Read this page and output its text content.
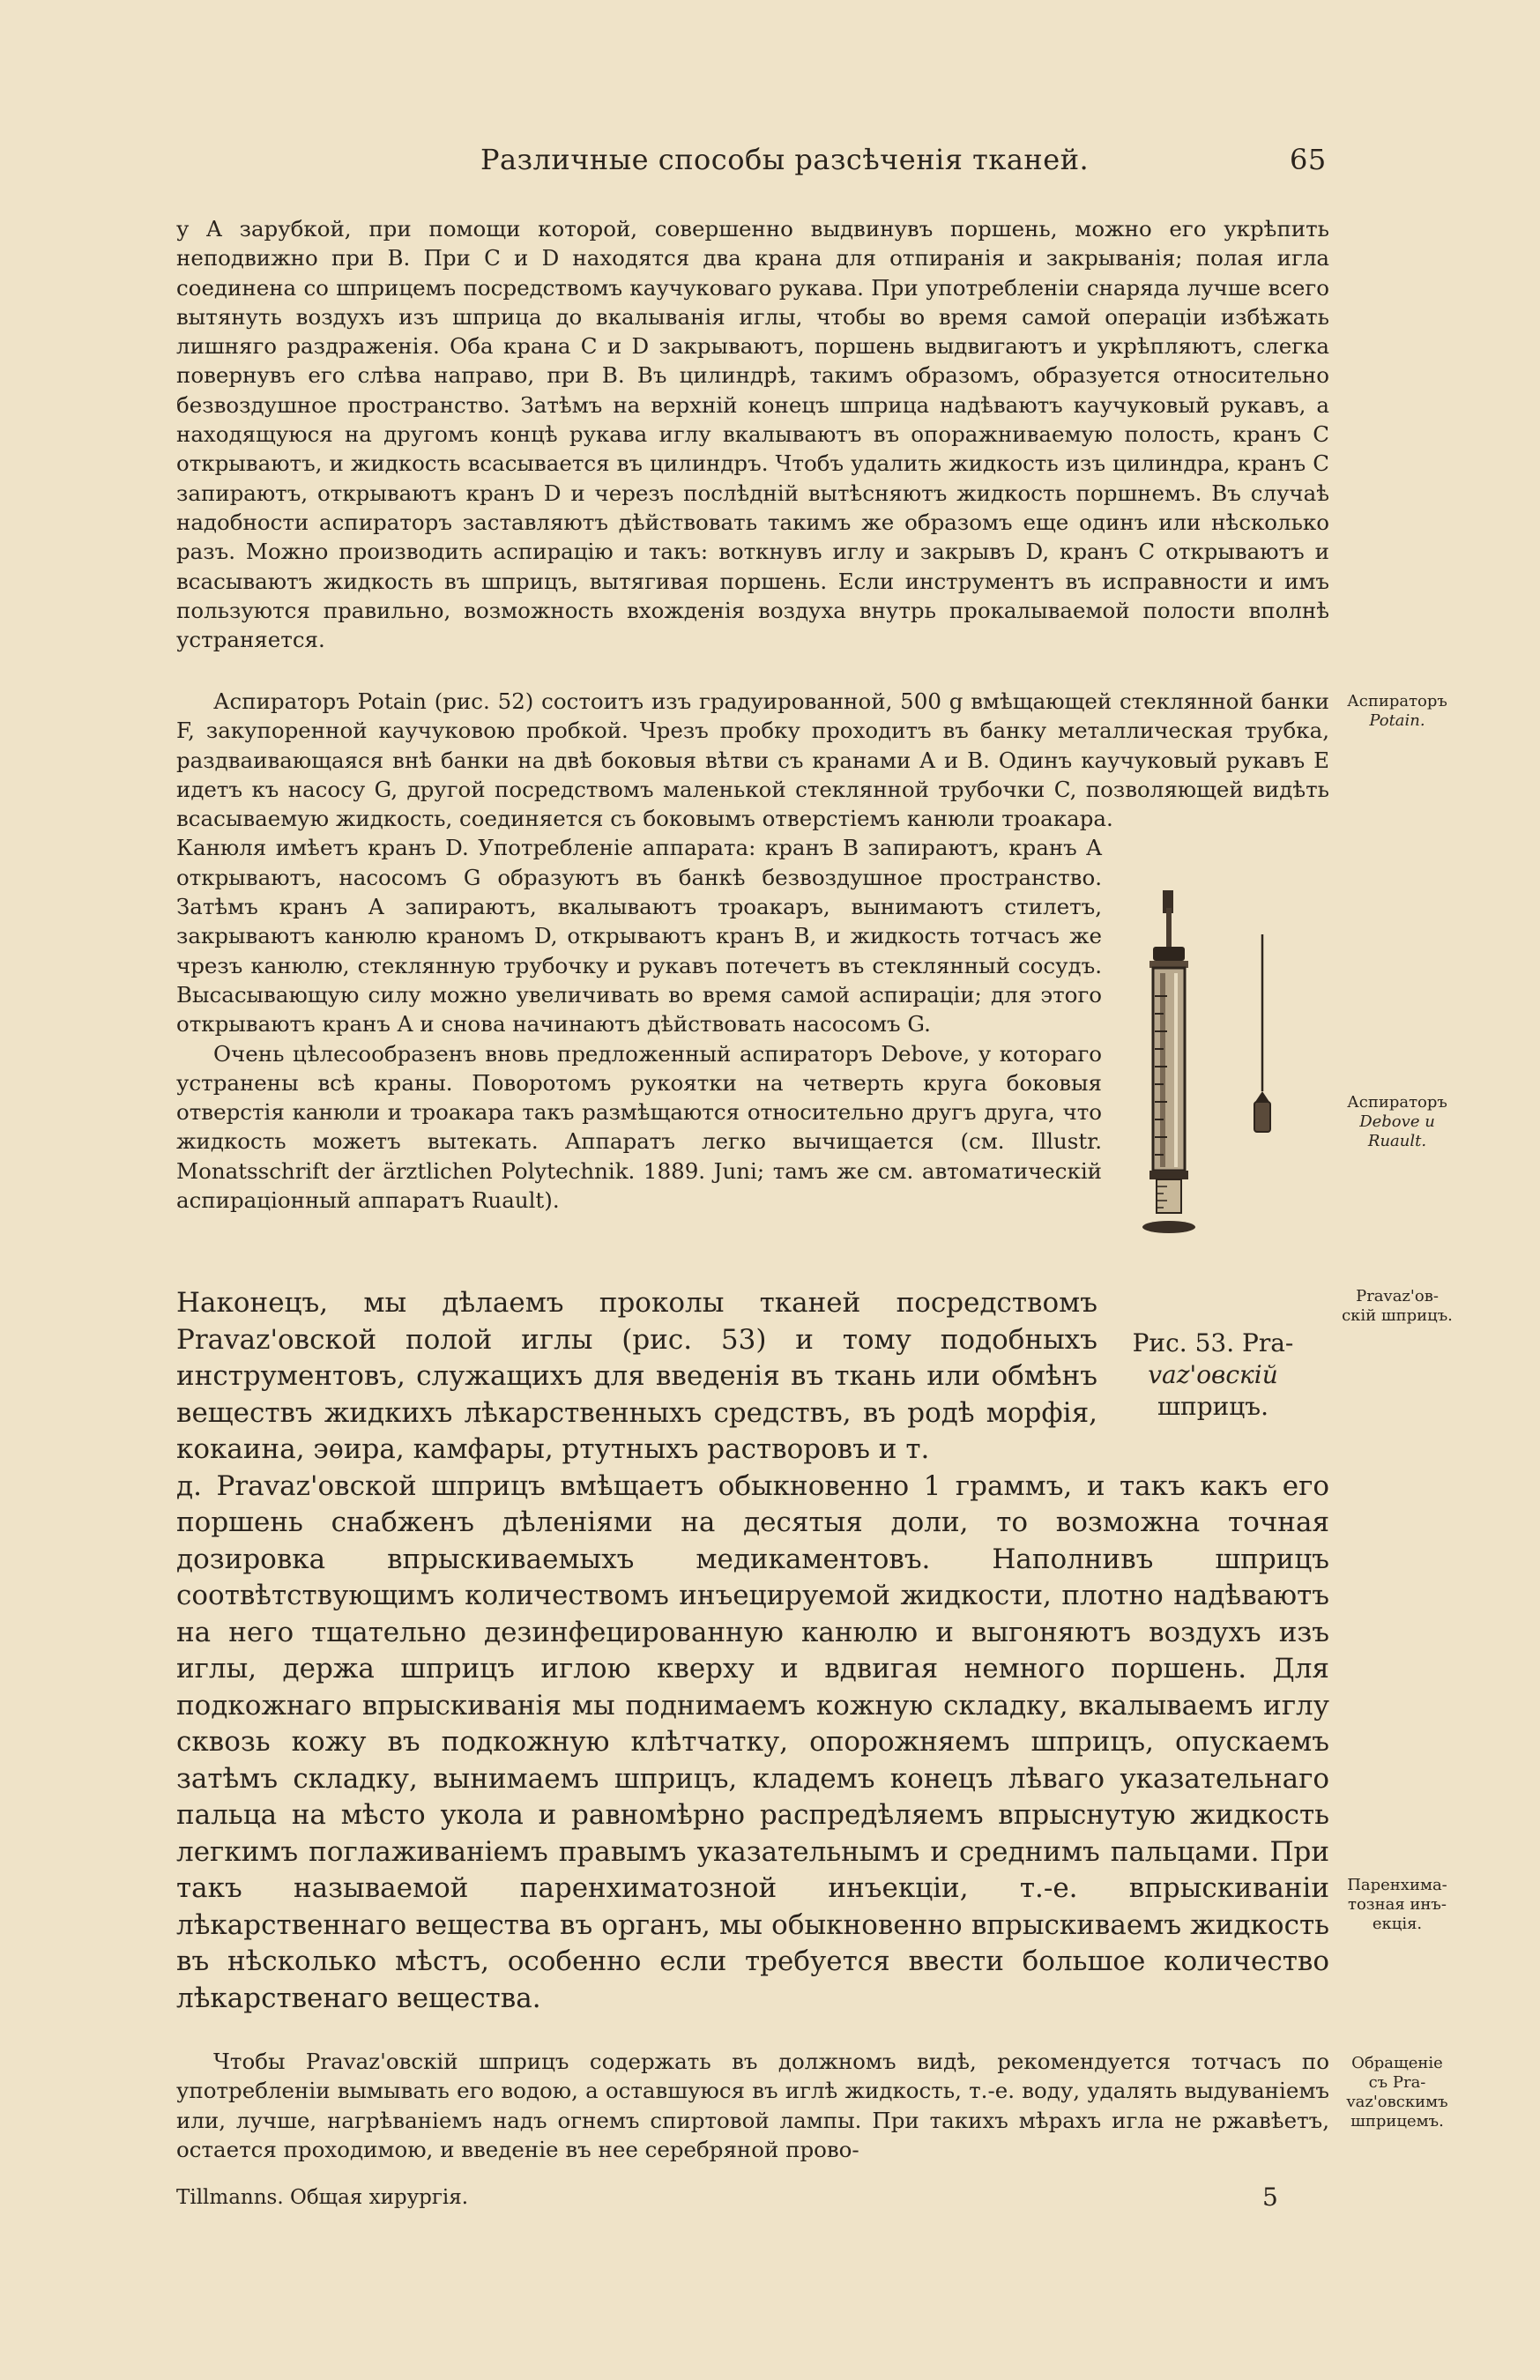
Различные способы разсѣченія тканей.	65

у A зарубкой, при помощи которой, совершенно выдвинувъ поршень, можно его укрѣпить неподвижно при B. При C и D находятся два крана для отпиранія и закрыванія; полая игла соединена со шприцемъ посредствомъ каучуковаго рукава. При употребленіи снаряда лучше всего вытянуть воздухъ изъ шприца до вкалыванія иглы, чтобы во время самой операціи избѣжать лишняго раздраженія. Оба крана C и D закрываютъ, поршень выдвигаютъ и укрѣпляютъ, слегка повернувъ его слѣва направо, при B. Въ цилиндрѣ, такимъ образомъ, образуется относительно безвоздушное пространство. Затѣмъ на верхній конецъ шприца надѣваютъ каучуковый рукавъ, а находящуюся на другомъ концѣ рукава иглу вкалываютъ въ опоражниваемую полость, кранъ C открываютъ, и жидкость всасывается въ цилиндръ. Чтобъ удалить жидкость изъ цилиндра, кранъ C запираютъ, открываютъ кранъ D и черезъ послѣдній вытѣсняютъ жидкость поршнемъ. Въ случаѣ надобности аспираторъ заставляютъ дѣйствовать такимъ же образомъ еще одинъ или нѣсколько разъ. Можно производить аспирацію и такъ: воткнувъ иглу и закрывъ D, кранъ C открываютъ и всасываютъ жидкость въ шприцъ, вытягивая поршень. Если инструментъ въ исправности и имъ пользуются правильно, возможность вхожденія воздуха внутрь прокалываемой полости вполнѣ устраняется.

Аспираторъ Potain (рис. 52) состоитъ изъ градуированной, 500 g вмѣщающей стеклянной банки F, закупоренной каучуковою пробкой. Чрезъ пробку проходитъ въ банку металлическая трубка, раздваивающаяся внѣ банки на двѣ боковыя вѣтви съ кранами A и B. Одинъ каучуковый рукавъ E идетъ къ насосу G, другой посредствомъ маленькой стеклянной трубочки C, позволяющей видѣть всасываемую жидкость, соединяется съ боковымъ отверстіемъ канюли троакара.

Канюля имѣетъ кранъ D. Употребленіе аппарата: кранъ B запираютъ, кранъ A открываютъ, насосомъ G образуютъ въ банкѣ безвоздушное пространство. Затѣмъ кранъ A запираютъ, вкалываютъ троакаръ, вынимаютъ стилетъ, закрываютъ канюлю краномъ D, открываютъ кранъ B, и жидкость тотчасъ же чрезъ канюлю, стеклянную трубочку и рукавъ потечетъ въ стеклянный сосудъ. Высасывающую силу можно увеличивать во время самой аспираціи; для этого открываютъ кранъ A и снова начинаютъ дѣйствовать насосомъ G.

Очень цѣлесообразенъ вновь предложенный аспираторъ Debove, у котораго устранены всѣ краны. Поворотомъ рукоятки на четверть круга боковыя отверстія канюли и троакара такъ размѣщаются относительно другъ друга, что жидкость можетъ вытекать. Аппаратъ легко вычищается (см. Illustr. Monatsschrift der ärztlichen Polytechnik. 1889. Juni; тамъ же см. автоматическій аспираціонный аппаратъ Ruault).

Наконецъ, мы дѣлаемъ проколы тканей посредствомъ Pravaz'овской полой иглы (рис. 53) и тому подобныхъ инструментовъ, служащихъ для введенія въ ткань или обмѣнъ веществъ жидкихъ лѣкарственныхъ средствъ, въ родѣ морфія, кокаина, эѳира, камфары, ртутныхъ растворовъ и т.

д. Pravaz'овской шприцъ вмѣщаетъ обыкновенно 1 граммъ, и такъ какъ его поршень снабженъ дѣленіями на десятыя доли, то возможна точная дозировка впрыскиваемыхъ медикаментовъ. Наполнивъ шприцъ соотвѣтствующимъ количествомъ инъецируемой жидкости, плотно надѣваютъ на него тщательно дезинфецированную канюлю и выгоняютъ воздухъ изъ иглы, держа шприцъ иглою кверху и вдвигая немного поршень. Для подкожнаго впрыскиванія мы поднимаемъ кожную складку, вкалываемъ иглу сквозь кожу въ подкожную клѣтчатку, опорожняемъ шприцъ, опускаемъ затѣмъ складку, вынимаемъ шприцъ, кладемъ конецъ лѣваго указательнаго пальца на мѣсто укола и равномѣрно распредѣляемъ впрыснутую жидкость легкимъ поглаживаніемъ правымъ указательнымъ и среднимъ пальцами. При такъ называемой паренхиматозной инъекціи, т.-е. впрыскиваніи лѣкарственнаго вещества въ органъ, мы обыкновенно впрыскиваемъ жидкость въ нѣсколько мѣстъ, особенно если требуется ввести большое количество лѣкарственаго вещества.

Рис. 53. Pra-
vaz'овскій
шприцъ.

Чтобы Pravaz'овскій шприцъ содержать въ должномъ видѣ, рекомендуется тотчасъ по употребленіи вымывать его водою, а оставшуюся въ иглѣ жидкость, т.-е. воду, удалять выдуваніемъ или, лучше, нагрѣваніемъ надъ огнемъ спиртовой лампы. При такихъ мѣрахъ игла не ржавѣетъ, остается проходимою, и введеніе въ нее серебряной прово-

Аспираторъ
Potain.
Аспираторъ
Debove и
Ruault.
Pravaz'ов-
скій шприцъ.
Паренхима-
тозная инъ-
екція.
Обращеніе
съ Pra-
vaz'овскимъ
шприцемъ.
Tillmanns. Общая хирургія.	5
